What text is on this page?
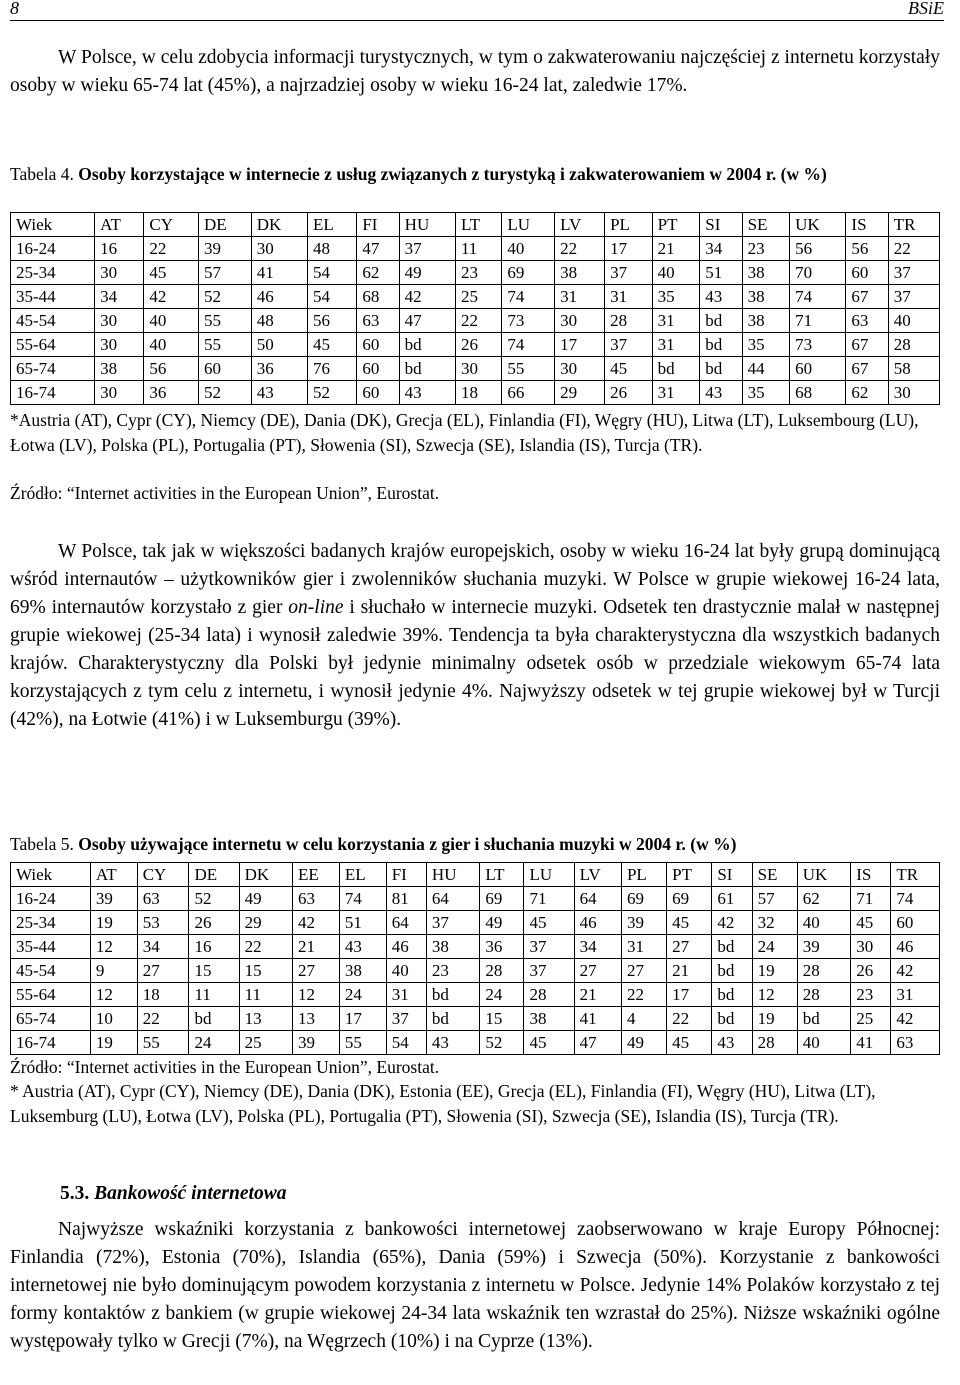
8	BSiE

W Polsce, w celu zdobycia informacji turystycznych, w tym o zakwaterowaniu najczęściej z internetu korzystały osoby w wieku 65-74 lat (45%), a najrzadziej osoby w wieku 16-24 lat, zaledwie 17%.

Tabela 4. Osoby korzystające w internecie z usług związanych z turystyką i zakwaterowaniem w 2004 r. (w %)

Wiek	AT	CY	DE	DK	EL	FI	HU	LT	LU	LV	PL	PT	SI	SE	UK	IS	TR
16-24	16	22	39	30	48	47	37	11	40	22	17	21	34	23	56	56	22
25-34	30	45	57	41	54	62	49	23	69	38	37	40	51	38	70	60	37
35-44	34	42	52	46	54	68	42	25	74	31	31	35	43	38	74	67	37
45-54	30	40	55	48	56	63	47	22	73	30	28	31	bd	38	71	63	40
55-64	30	40	55	50	45	60	bd	26	74	17	37	31	bd	35	73	67	28
65-74	38	56	60	36	76	60	bd	30	55	30	45	bd	bd	44	60	67	58
16-74	30	36	52	43	52	60	43	18	66	29	26	31	43	35	68	62	30

*Austria (AT), Cypr (CY), Niemcy (DE), Dania (DK), Grecja (EL), Finlandia (FI), Węgry (HU), Litwa (LT), Luksembourg (LU), Łotwa (LV), Polska (PL), Portugalia (PT), Słowenia (SI), Szwecja (SE), Islandia (IS), Turcja (TR).

Źródło: “Internet activities in the European Union”, Eurostat.

W Polsce, tak jak w większości badanych krajów europejskich, osoby w wieku 16-24 lat były grupą dominującą wśród internautów – użytkowników gier i zwolenników słuchania muzyki. W Polsce w grupie wiekowej 16-24 lata, 69% internautów korzystało z gier on-line i słuchało w internecie muzyki. Odsetek ten drastycznie malał w następnej grupie wiekowej (25-34 lata) i wynosił zaledwie 39%. Tendencja ta była charakterystyczna dla wszystkich badanych krajów. Charakterystyczny dla Polski był jedynie minimalny odsetek osób w przedziale wiekowym 65-74 lata korzystających z tym celu z internetu, i wynosił jedynie 4%. Najwyższy odsetek w tej grupie wiekowej był w Turcji (42%), na Łotwie (41%) i w Luksemburgu (39%).

Tabela 5. Osoby używające internetu w celu korzystania z gier i słuchania muzyki w 2004 r. (w %)

Wiek	AT	CY	DE	DK	EE	EL	FI	HU	LT	LU	LV	PL	PT	SI	SE	UK	IS	TR
16-24	39	63	52	49	63	74	81	64	69	71	64	69	69	61	57	62	71	74
25-34	19	53	26	29	42	51	64	37	49	45	46	39	45	42	32	40	45	60
35-44	12	34	16	22	21	43	46	38	36	37	34	31	27	bd	24	39	30	46
45-54	9	27	15	15	27	38	40	23	28	37	27	27	21	bd	19	28	26	42
55-64	12	18	11	11	12	24	31	bd	24	28	21	22	17	bd	12	28	23	31
65-74	10	22	bd	13	13	17	37	bd	15	38	41	4	22	bd	19	bd	25	42
16-74	19	55	24	25	39	55	54	43	52	45	47	49	45	43	28	40	41	63

Źródło: “Internet activities in the European Union”, Eurostat.

* Austria (AT), Cypr (CY), Niemcy (DE), Dania (DK), Estonia (EE), Grecja (EL), Finlandia (FI), Węgry (HU), Litwa (LT), Luksemburg (LU), Łotwa (LV), Polska (PL), Portugalia (PT), Słowenia (SI), Szwecja (SE), Islandia (IS), Turcja (TR).

5.3. Bankowość internetowa

Najwyższe wskaźniki korzystania z bankowości internetowej zaobserwowano w kraje Europy Północnej: Finlandia (72%), Estonia (70%), Islandia (65%), Dania (59%) i Szwecja (50%). Korzystanie z bankowości internetowej nie było dominującym powodem korzystania z internetu w Polsce. Jedynie 14% Polaków korzystało z tej formy kontaktów z bankiem (w grupie wiekowej 24-34 lata wskaźnik ten wzrastał do 25%). Niższe wskaźniki ogólne występowały tylko w Grecji (7%), na Węgrzech (10%) i na Cyprze (13%).
